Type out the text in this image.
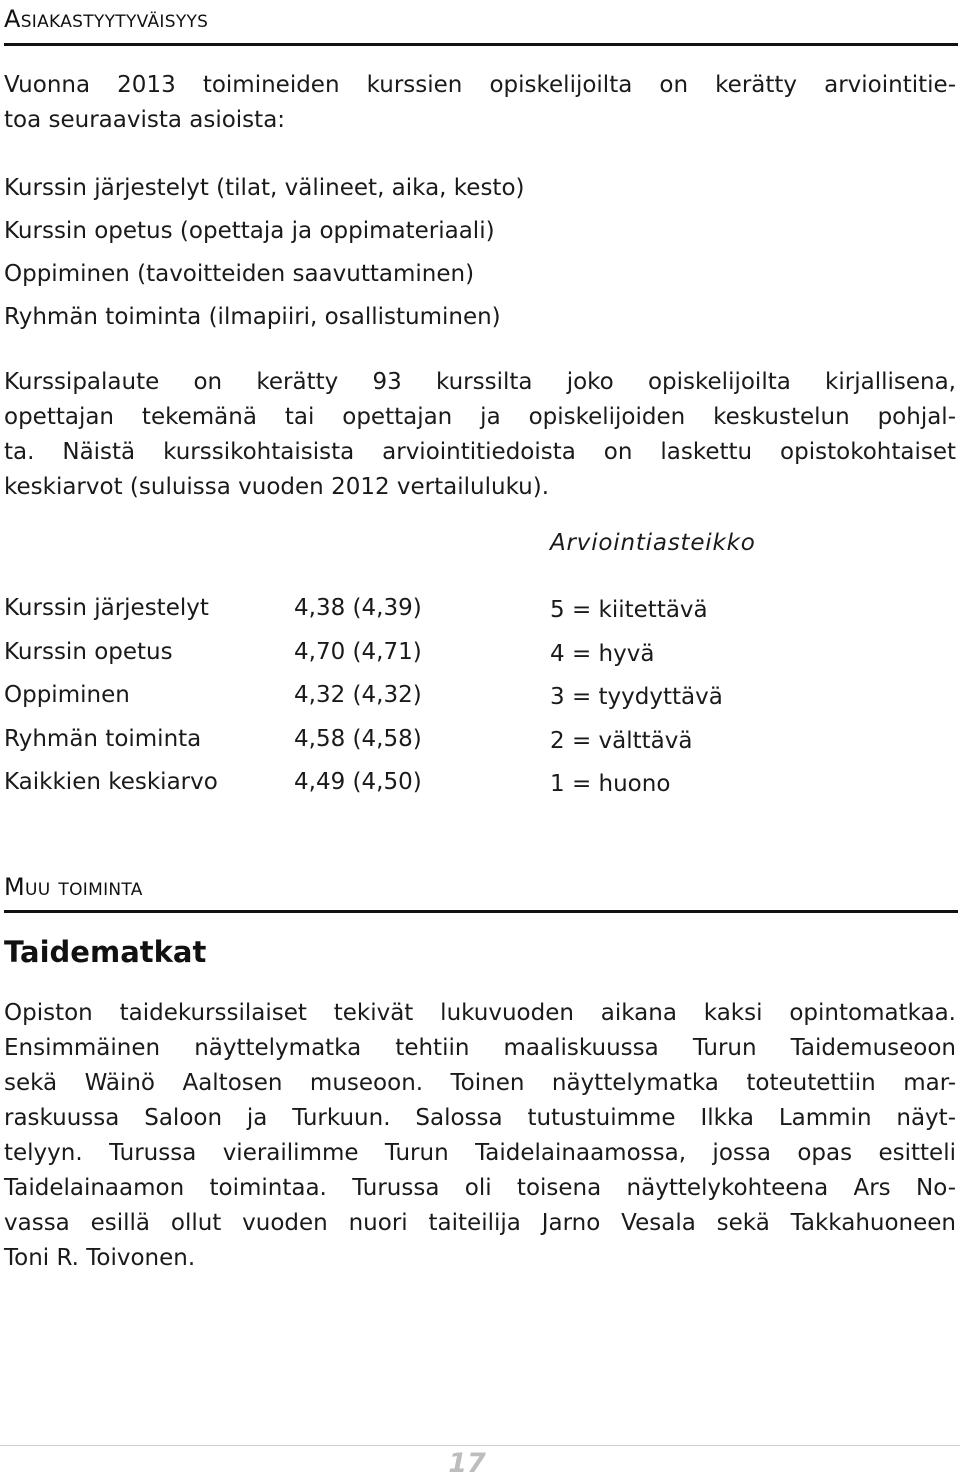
Asiakastyytyväisyys
Vuonna 2013 toimineiden kurssien opiskelijoilta on kerätty arviointitie-
toa seuraavista asioista:
Kurssin järjestelyt (tilat, välineet, aika, kesto)
Kurssin opetus (opettaja ja oppimateriaali)
Oppiminen (tavoitteiden saavuttaminen)
Ryhmän toiminta (ilmapiiri, osallistuminen)
Kurssipalaute on kerätty 93 kurssilta joko opiskelijoilta kirjallisena,
opettajan tekemänä tai opettajan ja opiskelijoiden keskustelun pohjal-
ta. Näistä kurssikohtaisista arviointitiedoista on laskettu opistokohtaiset
keskiarvot (suluissa vuoden 2012 vertailuluku).
Arviointiasteikko
Kurssin järjestelyt	4,38 (4,39)	5 = kiitettävä
Kurssin opetus	4,70 (4,71)	4 = hyvä
Oppiminen	4,32 (4,32)	3 = tyydyttävä
Ryhmän toiminta	4,58 (4,58)	2 = välttävä
Kaikkien keskiarvo	4,49 (4,50)	1 = huono
Muu toiminta
Taidematkat
Opiston taidekurssilaiset tekivät lukuvuoden aikana kaksi opintomatkaa.
Ensimmäinen näyttelymatka tehtiin maaliskuussa Turun Taidemuseoon
sekä Wäinö Aaltosen museoon. Toinen näyttelymatka toteutettiin mar-
raskuussa Saloon ja Turkuun. Salossa tutustuimme Ilkka Lammin näyt-
telyyn. Turussa vierailimme Turun Taidelainaamossa, jossa opas esitteli
Taidelainaamon toimintaa. Turussa oli toisena näyttelykohteena Ars No-
vassa esillä ollut vuoden nuori taiteilija Jarno Vesala sekä Takkahuoneen
Toni R. Toivonen.
17
